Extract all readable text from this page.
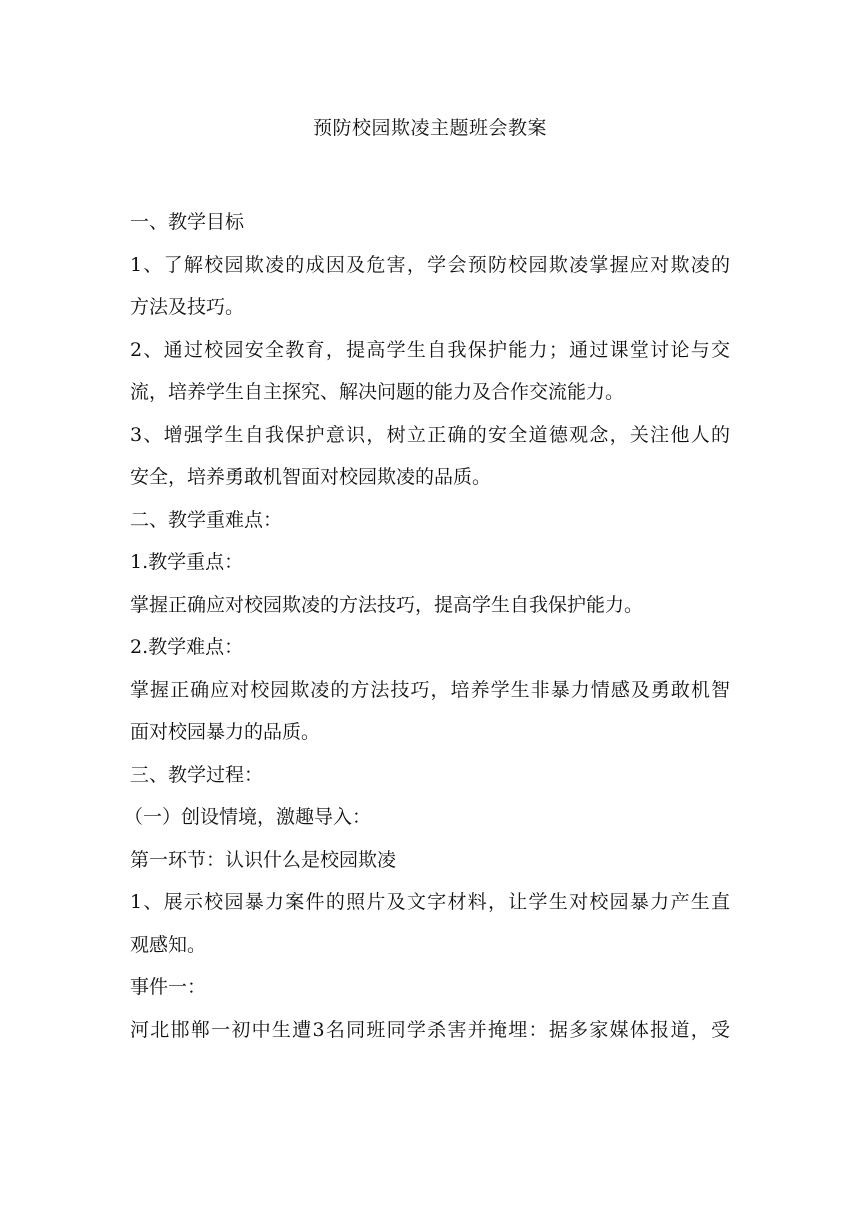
预防校园欺凌主题班会教案
一、教学目标
1、了解校园欺凌的成因及危害，学会预防校园欺凌掌握应对欺凌的
方法及技巧。
2、通过校园安全教育，提高学生自我保护能力；通过课堂讨论与交
流，培养学生自主探究、解决问题的能力及合作交流能力。
3、增强学生自我保护意识，树立正确的安全道德观念，关注他人的
安全，培养勇敢机智面对校园欺凌的品质。
二、教学重难点：
1.教学重点：
掌握正确应对校园欺凌的方法技巧，提高学生自我保护能力。
2.教学难点：
掌握正确应对校园欺凌的方法技巧，培养学生非暴力情感及勇敢机智
面对校园暴力的品质。
三、教学过程：
（一）创设情境，激趣导入：
第一环节：认识什么是校园欺凌
1、展示校园暴力案件的照片及文字材料，让学生对校园暴力产生直
观感知。
事件一：
河北邯郸一初中生遭3名同班同学杀害并掩埋：据多家媒体报道，受
